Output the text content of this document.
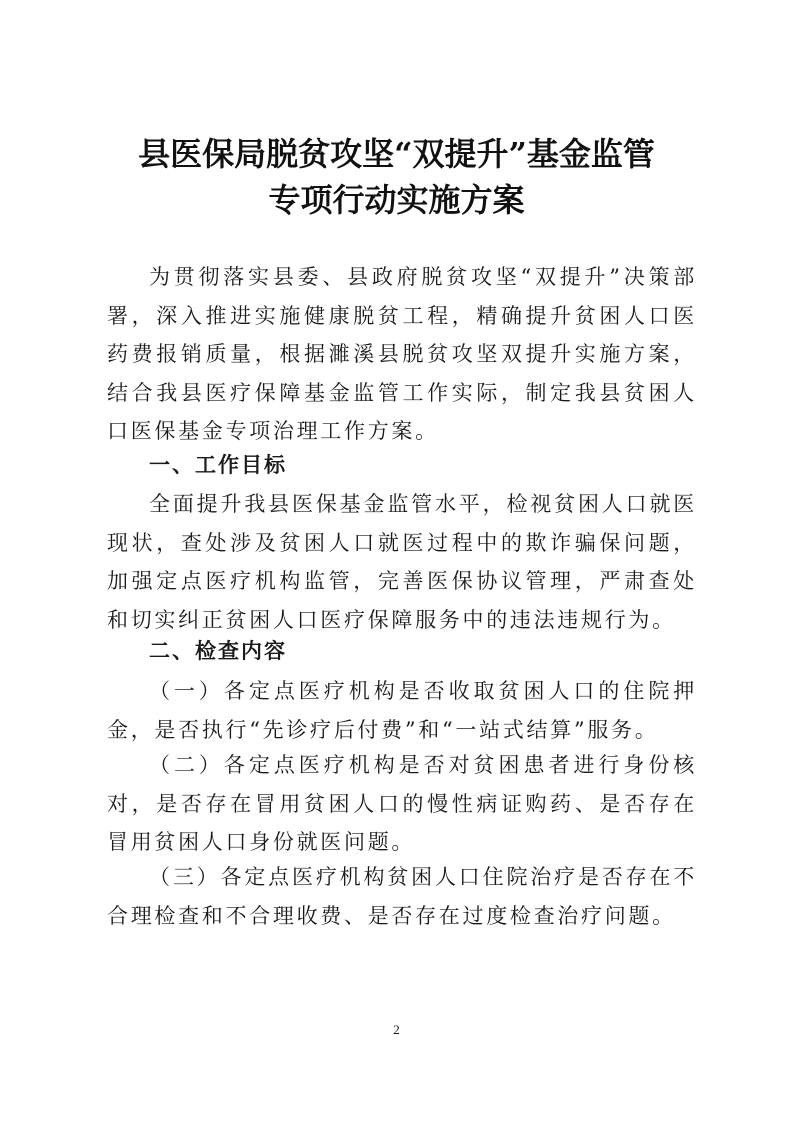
县医保局脱贫攻坚“双提升”基金监管
专项行动实施方案

为贯彻落实县委、县政府脱贫攻坚“双提升”决策部署，深入推进实施健康脱贫工程，精确提升贫困人口医药费报销质量，根据濉溪县脱贫攻坚双提升实施方案，结合我县医疗保障基金监管工作实际，制定我县贫困人口医保基金专项治理工作方案。

一、工作目标

全面提升我县医保基金监管水平，检视贫困人口就医现状，查处涉及贫困人口就医过程中的欺诈骗保问题，加强定点医疗机构监管，完善医保协议管理，严肃查处和切实纠正贫困人口医疗保障服务中的违法违规行为。

二、检查内容

（一）各定点医疗机构是否收取贫困人口的住院押金，是否执行“先诊疗后付费”和“一站式结算”服务。

（二）各定点医疗机构是否对贫困患者进行身份核对，是否存在冒用贫困人口的慢性病证购药、是否存在冒用贫困人口身份就医问题。

（三）各定点医疗机构贫困人口住院治疗是否存在不合理检查和不合理收费、是否存在过度检查治疗问题。

2
